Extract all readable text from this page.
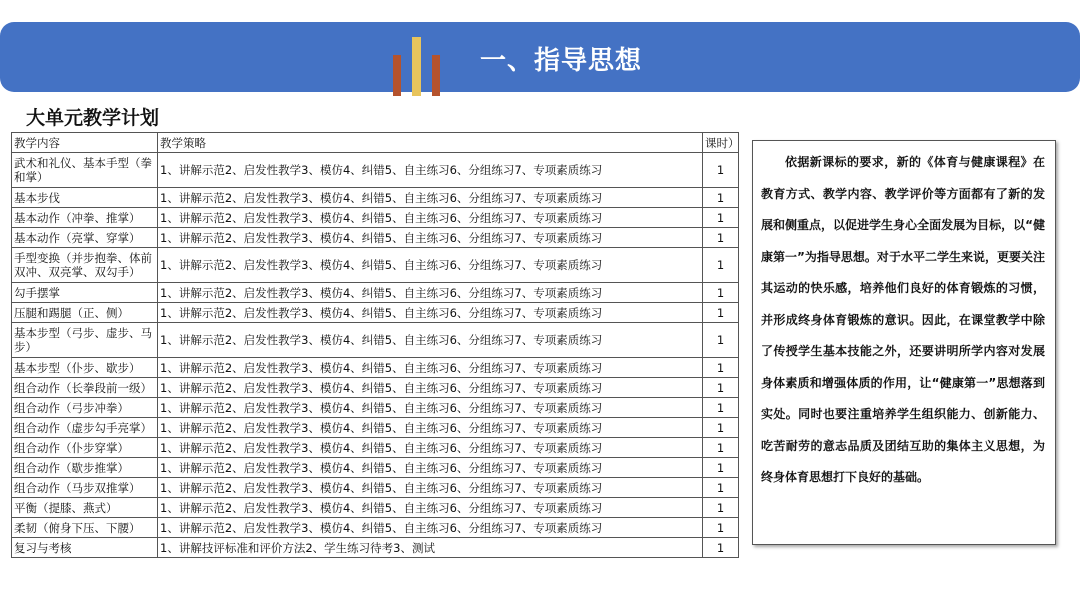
一、指导思想
大单元教学计划
教学内容	教学策略	课时）
武术和礼仪、基本手型（拳和掌）	1、讲解示范2、启发性教学3、模仿4、纠错5、自主练习6、分组练习7、专项素质练习	1
基本步伐	1、讲解示范2、启发性教学3、模仿4、纠错5、自主练习6、分组练习7、专项素质练习	1
基本动作（冲拳、推掌）	1、讲解示范2、启发性教学3、模仿4、纠错5、自主练习6、分组练习7、专项素质练习	1
基本动作（亮掌、穿掌）	1、讲解示范2、启发性教学3、模仿4、纠错5、自主练习6、分组练习7、专项素质练习	1
手型变换（并步抱拳、体前双冲、双亮掌、双勾手）	1、讲解示范2、启发性教学3、模仿4、纠错5、自主练习6、分组练习7、专项素质练习	1
勾手摆掌	1、讲解示范2、启发性教学3、模仿4、纠错5、自主练习6、分组练习7、专项素质练习	1
压腿和踢腿（正、侧）	1、讲解示范2、启发性教学3、模仿4、纠错5、自主练习6、分组练习7、专项素质练习	1
基本步型（弓步、虚步、马步）	1、讲解示范2、启发性教学3、模仿4、纠错5、自主练习6、分组练习7、专项素质练习	1
基本步型（仆步、歇步）	1、讲解示范2、启发性教学3、模仿4、纠错5、自主练习6、分组练习7、专项素质练习	1
组合动作（长拳段前一级）	1、讲解示范2、启发性教学3、模仿4、纠错5、自主练习6、分组练习7、专项素质练习	1
组合动作（弓步冲拳）	1、讲解示范2、启发性教学3、模仿4、纠错5、自主练习6、分组练习7、专项素质练习	1
组合动作（虚步勾手亮掌）	1、讲解示范2、启发性教学3、模仿4、纠错5、自主练习6、分组练习7、专项素质练习	1
组合动作（仆步穿掌）	1、讲解示范2、启发性教学3、模仿4、纠错5、自主练习6、分组练习7、专项素质练习	1
组合动作（歇步推掌）	1、讲解示范2、启发性教学3、模仿4、纠错5、自主练习6、分组练习7、专项素质练习	1
组合动作（马步双推掌）	1、讲解示范2、启发性教学3、模仿4、纠错5、自主练习6、分组练习7、专项素质练习	1
平衡（提膝、燕式）	1、讲解示范2、启发性教学3、模仿4、纠错5、自主练习6、分组练习7、专项素质练习	1
柔韧（俯身下压、下腰）	1、讲解示范2、启发性教学3、模仿4、纠错5、自主练习6、分组练习7、专项素质练习	1
复习与考核	1、讲解技评标准和评价方法2、学生练习待考3、测试	1
依据新课标的要求，新的《体育与健康课程》在教育方式、教学内容、教学评价等方面都有了新的发展和侧重点，以促进学生身心全面发展为目标，以“健康第一”为指导思想。对于水平二学生来说，更要关注其运动的快乐感，培养他们良好的体育锻炼的习惯，并形成终身体育锻炼的意识。因此，在课堂教学中除了传授学生基本技能之外，还要讲明所学内容对发展身体素质和增强体质的作用，让“健康第一”思想落到实处。同时也要注重培养学生组织能力、创新能力、吃苦耐劳的意志品质及团结互助的集体主义思想，为终身体育思想打下良好的基础。
